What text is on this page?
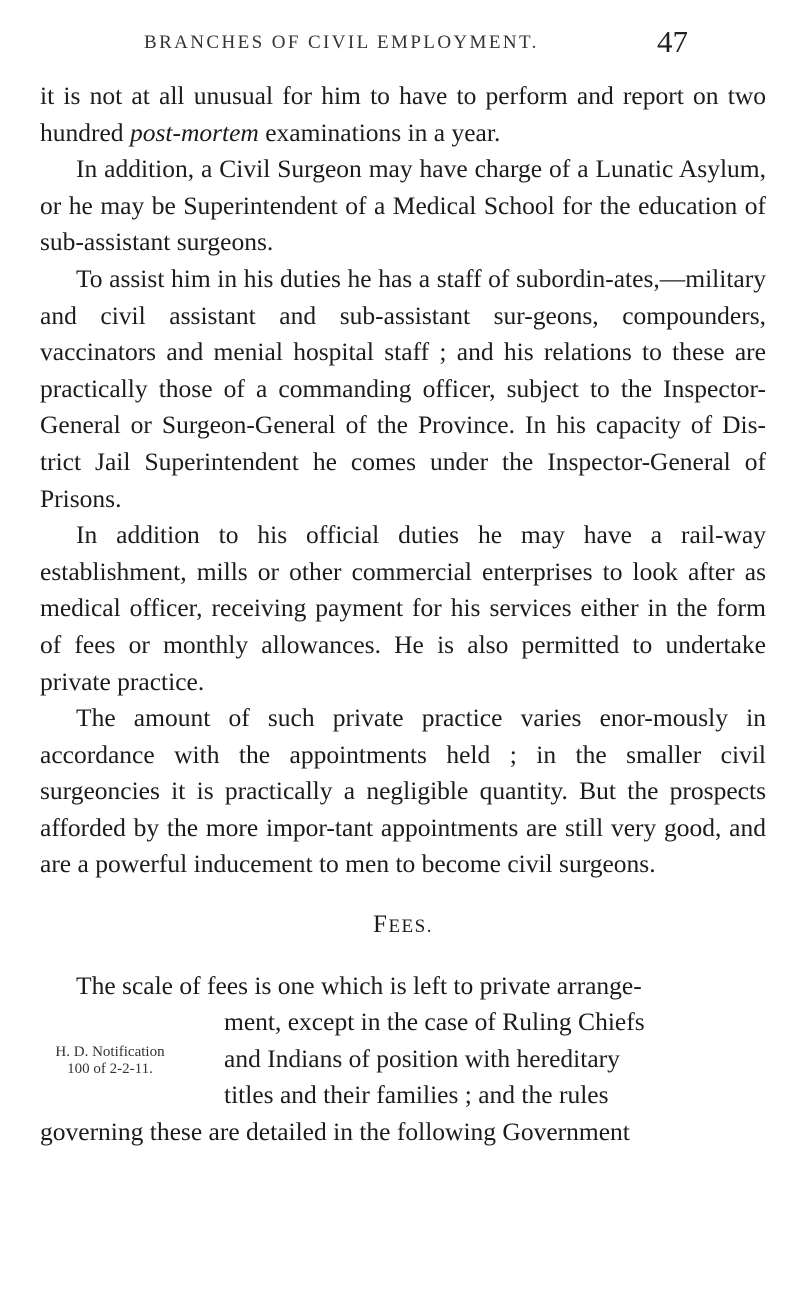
BRANCHES OF CIVIL EMPLOYMENT.	47

it is not at all unusual for him to have to perform and report on two hundred post-mortem examinations in a year.

In addition, a Civil Surgeon may have charge of a Lunatic Asylum, or he may be Superintendent of a Medical School for the education of sub-assistant surgeons.

To assist him in his duties he has a staff of subordin-ates,—military and civil assistant and sub-assistant sur-geons, compounders, vaccinators and menial hospital staff ; and his relations to these are practically those of a commanding officer, subject to the Inspector-General or Surgeon-General of the Province. In his capacity of Dis-trict Jail Superintendent he comes under the Inspector-General of Prisons.

In addition to his official duties he may have a rail-way establishment, mills or other commercial enterprises to look after as medical officer, receiving payment for his services either in the form of fees or monthly allowances. He is also permitted to undertake private practice.

The amount of such private practice varies enor-mously in accordance with the appointments held ; in the smaller civil surgeoncies it is practically a negligible quantity. But the prospects afforded by the more impor-tant appointments are still very good, and are a powerful inducement to men to become civil surgeons.

FEES.
The scale of fees is one which is left to private arrange-
ment, except in the case of Ruling Chiefs
and Indians of position with hereditary
titles and their families ; and the rules
governing these are detailed in the following Government
H. D. Notification
100 of 2-2-11.
